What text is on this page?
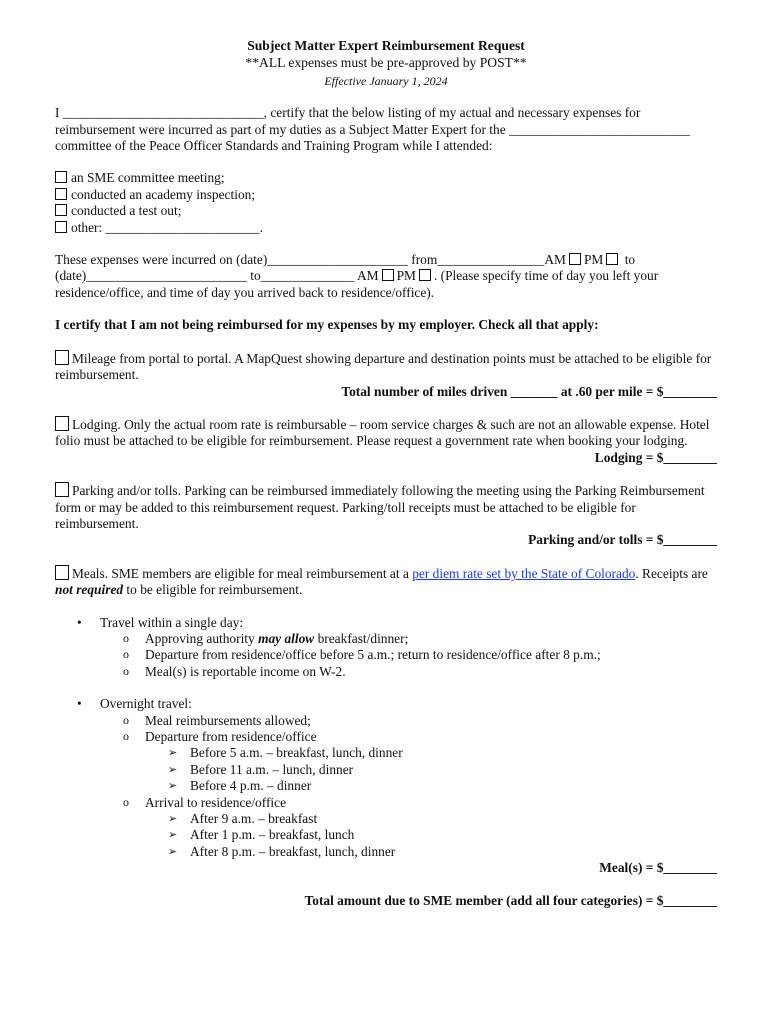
Subject Matter Expert Reimbursement Request
**ALL expenses must be pre-approved by POST**
Effective January 1, 2024

I ______________________________, certify that the below listing of my actual and necessary expenses for reimbursement were incurred as part of my duties as a Subject Matter Expert for the ___________________________ committee of the Peace Officer Standards and Training Program while I attended:

an SME committee meeting;
conducted an academy inspection;
conducted a test out;
other: _______________________.
These expenses were incurred on (date)_____________________ from________________AM PM to
(date)________________________ to______________ AM PM . (Please specify time of day you left your
residence/office, and time of day you arrived back to residence/office).

I certify that I am not being reimbursed for my expenses by my employer. Check all that apply:

Mileage from portal to portal. A MapQuest showing departure and destination points must be attached to be eligible for reimbursement.

Total number of miles driven _______ at .60 per mile = $________

Lodging. Only the actual room rate is reimbursable – room service charges & such are not an allowable expense. Hotel folio must be attached to be eligible for reimbursement. Please request a government rate when booking your lodging.

Lodging = $________

Parking and/or tolls. Parking can be reimbursed immediately following the meeting using the Parking Reimbursement form or may be added to this reimbursement request. Parking/toll receipts must be attached to be eligible for reimbursement.

Parking and/or tolls = $________

Meals. SME members are eligible for meal reimbursement at a per diem rate set by the State of Colorado. Receipts are not required to be eligible for reimbursement.

• Travel within a single day:
o Approving authority may allow breakfast/dinner;
o Departure from residence/office before 5 a.m.; return to residence/office after 8 p.m.;
o Meal(s) is reportable income on W-2.
• Overnight travel:
o Meal reimbursements allowed;
o Departure from residence/office
➢ Before 5 a.m. – breakfast, lunch, dinner
➢ Before 11 a.m. – lunch, dinner
➢ Before 4 p.m. – dinner
o Arrival to residence/office
➢ After 9 a.m. – breakfast
➢ After 1 p.m. – breakfast, lunch
➢ After 8 p.m. – breakfast, lunch, dinner
Meal(s) = $________
Total amount due to SME member (add all four categories) = $________
